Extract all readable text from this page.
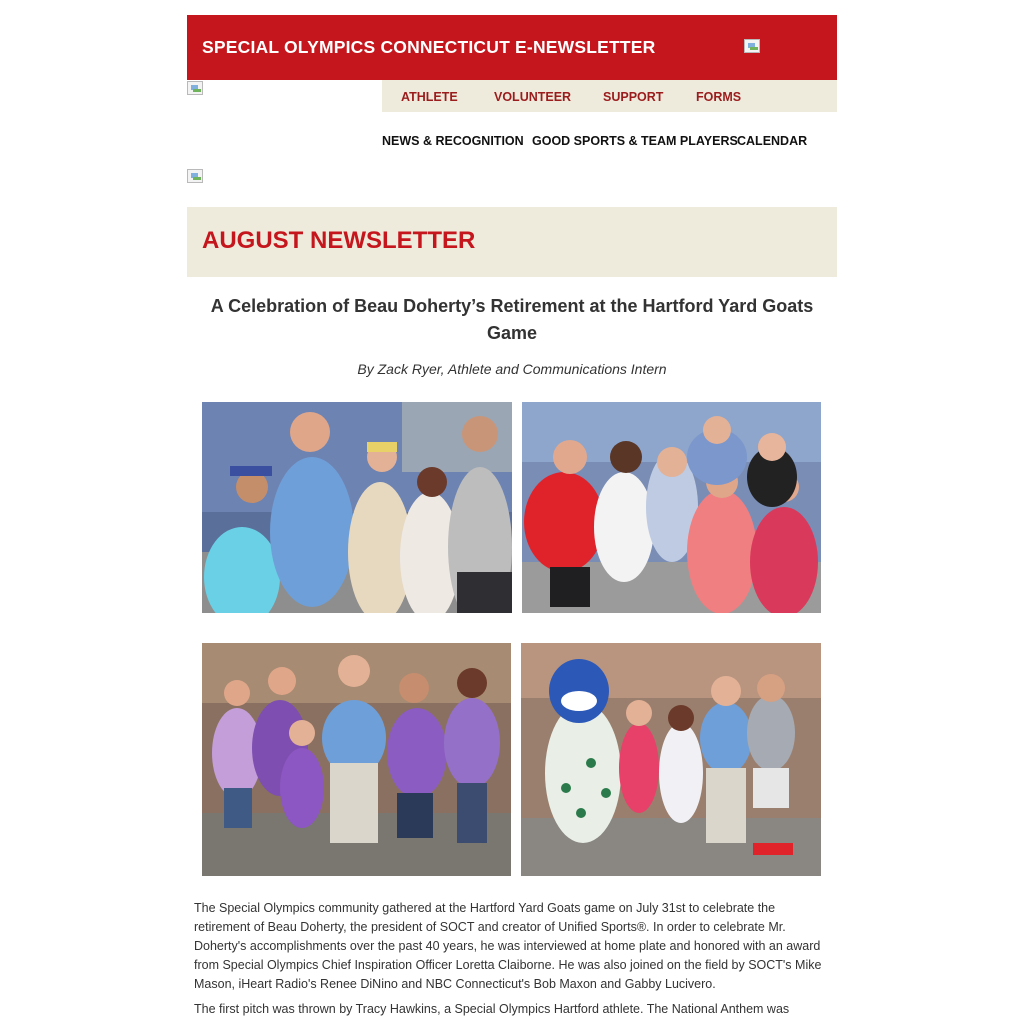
SPECIAL OLYMPICS CONNECTICUT E-NEWSLETTER
ATHLETE	VOLUNTEER	SUPPORT	FORMS
NEWS & RECOGNITION GOOD SPORTS & TEAM PLAYERS CALENDAR
AUGUST NEWSLETTER
A Celebration of Beau Doherty’s Retirement at the Hartford Yard Goats Game
By Zack Ryer, Athlete and Communications Intern

The Special Olympics community gathered at the Hartford Yard Goats game on July 31st to celebrate the retirement of Beau Doherty, the president of SOCT and creator of Unified Sports®. In order to celebrate Mr. Doherty's accomplishments over the past 40 years, he was interviewed at home plate and honored with an award from Special Olympics Chief Inspiration Officer Loretta Claiborne. He was also joined on the field by SOCT's Mike Mason, iHeart Radio's Renee DiNino and NBC Connecticut's Bob Maxon and Gabby Lucivero.

The first pitch was thrown by Tracy Hawkins, a Special Olympics Hartford athlete. The National Anthem was
